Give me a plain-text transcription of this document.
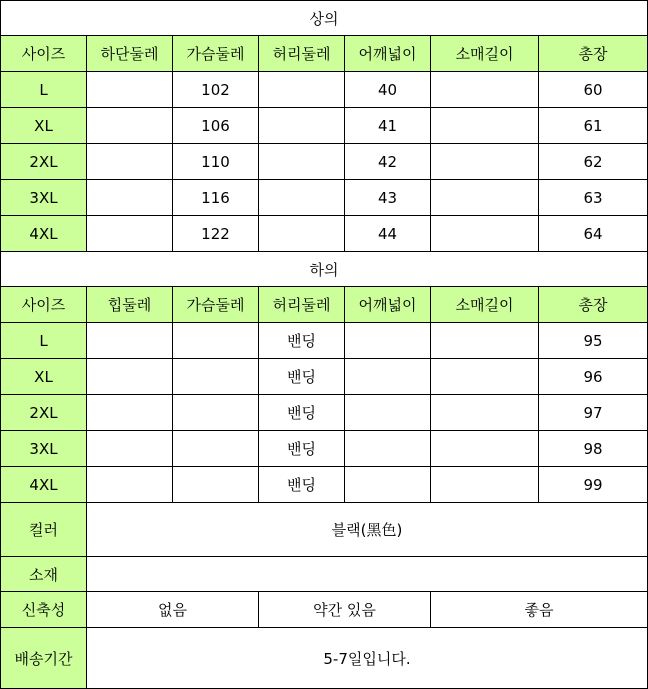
상의						
사이즈	하단둘레	가슴둘레	허리둘레	어깨넓이	소매길이	총장
L		102		40		60
XL		106		41		61
2XL		110		42		62
3XL		116		43		63
4XL		122		44		64
하의						
사이즈	힙둘레	가슴둘레	허리둘레	어깨넓이	소매길이	총장
L			밴딩			95
XL			밴딩			96
2XL			밴딩			97
3XL			밴딩			98
4XL			밴딩			99
컬러	블랙(黑色)					
소재						
신축성	없음		약간 있음		좋음	
배송기간	5-7일입니다.					
